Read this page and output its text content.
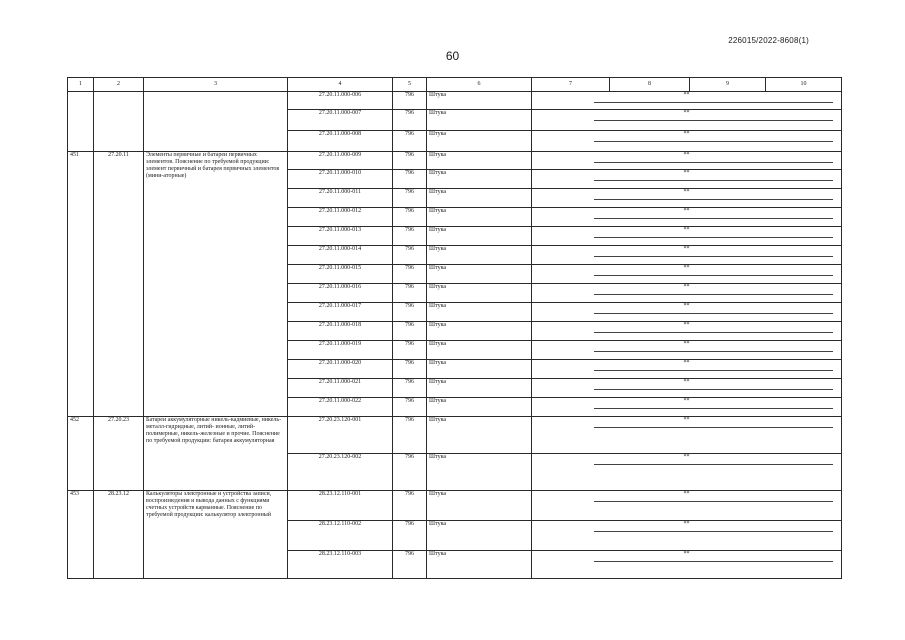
226015/2022-8608(1)
60
1	2	3	4	5	6	7	8	9	10
			27.20.11.000-006	796	Штука	**			

			27.20.11.000-007	796	Штука	**			

			27.20.11.000-008	796	Штука	**			

451	27.20.11	Элементы первичные и батареи первичных элементов. Пояснение по требуемой продукции: элемент первичный и батарея первичных элементов (мини-аторные)	27.20.11.000-009	796	Штука	**			

			27.20.11.000-010	796	Штука	**			

			27.20.11.000-011	796	Штука	**			

			27.20.11.000-012	796	Штука	**			

			27.20.11.000-013	796	Штука	**			

			27.20.11.000-014	796	Штука	**			

			27.20.11.000-015	796	Штука	**			

			27.20.11.000-016	796	Штука	**			

			27.20.11.000-017	796	Штука	**			

			27.20.11.000-018	796	Штука	**			

			27.20.11.000-019	796	Штука	**			

			27.20.11.000-020	796	Штука	**			

			27.20.11.000-021	796	Штука	**			

			27.20.11.000-022	796	Штука	**			

452	27.20.23	Батареи аккумуляторные никель-кадмиевые, никель- металл-гидридные, литий- ионные, литий-полимерные, никель-железные и прочие. Пояснение по требуемой продукции: батарея аккумуляторная	27.20.23.120-001	796	Штука	**			

			27.20.23.120-002	796	Штука	**			

453	28.23.12	Калькуляторы электронные и устройства записи, воспроизведения и вывода данных с функциями счетных устройств карманные. Пояснение по требуемой продукции: калькулятор электронный	28.23.12.110-001	796	Штука	**			

			28.23.12.110-002	796	Штука	**			

			28.23.12.110-003	796	Штука	**			
